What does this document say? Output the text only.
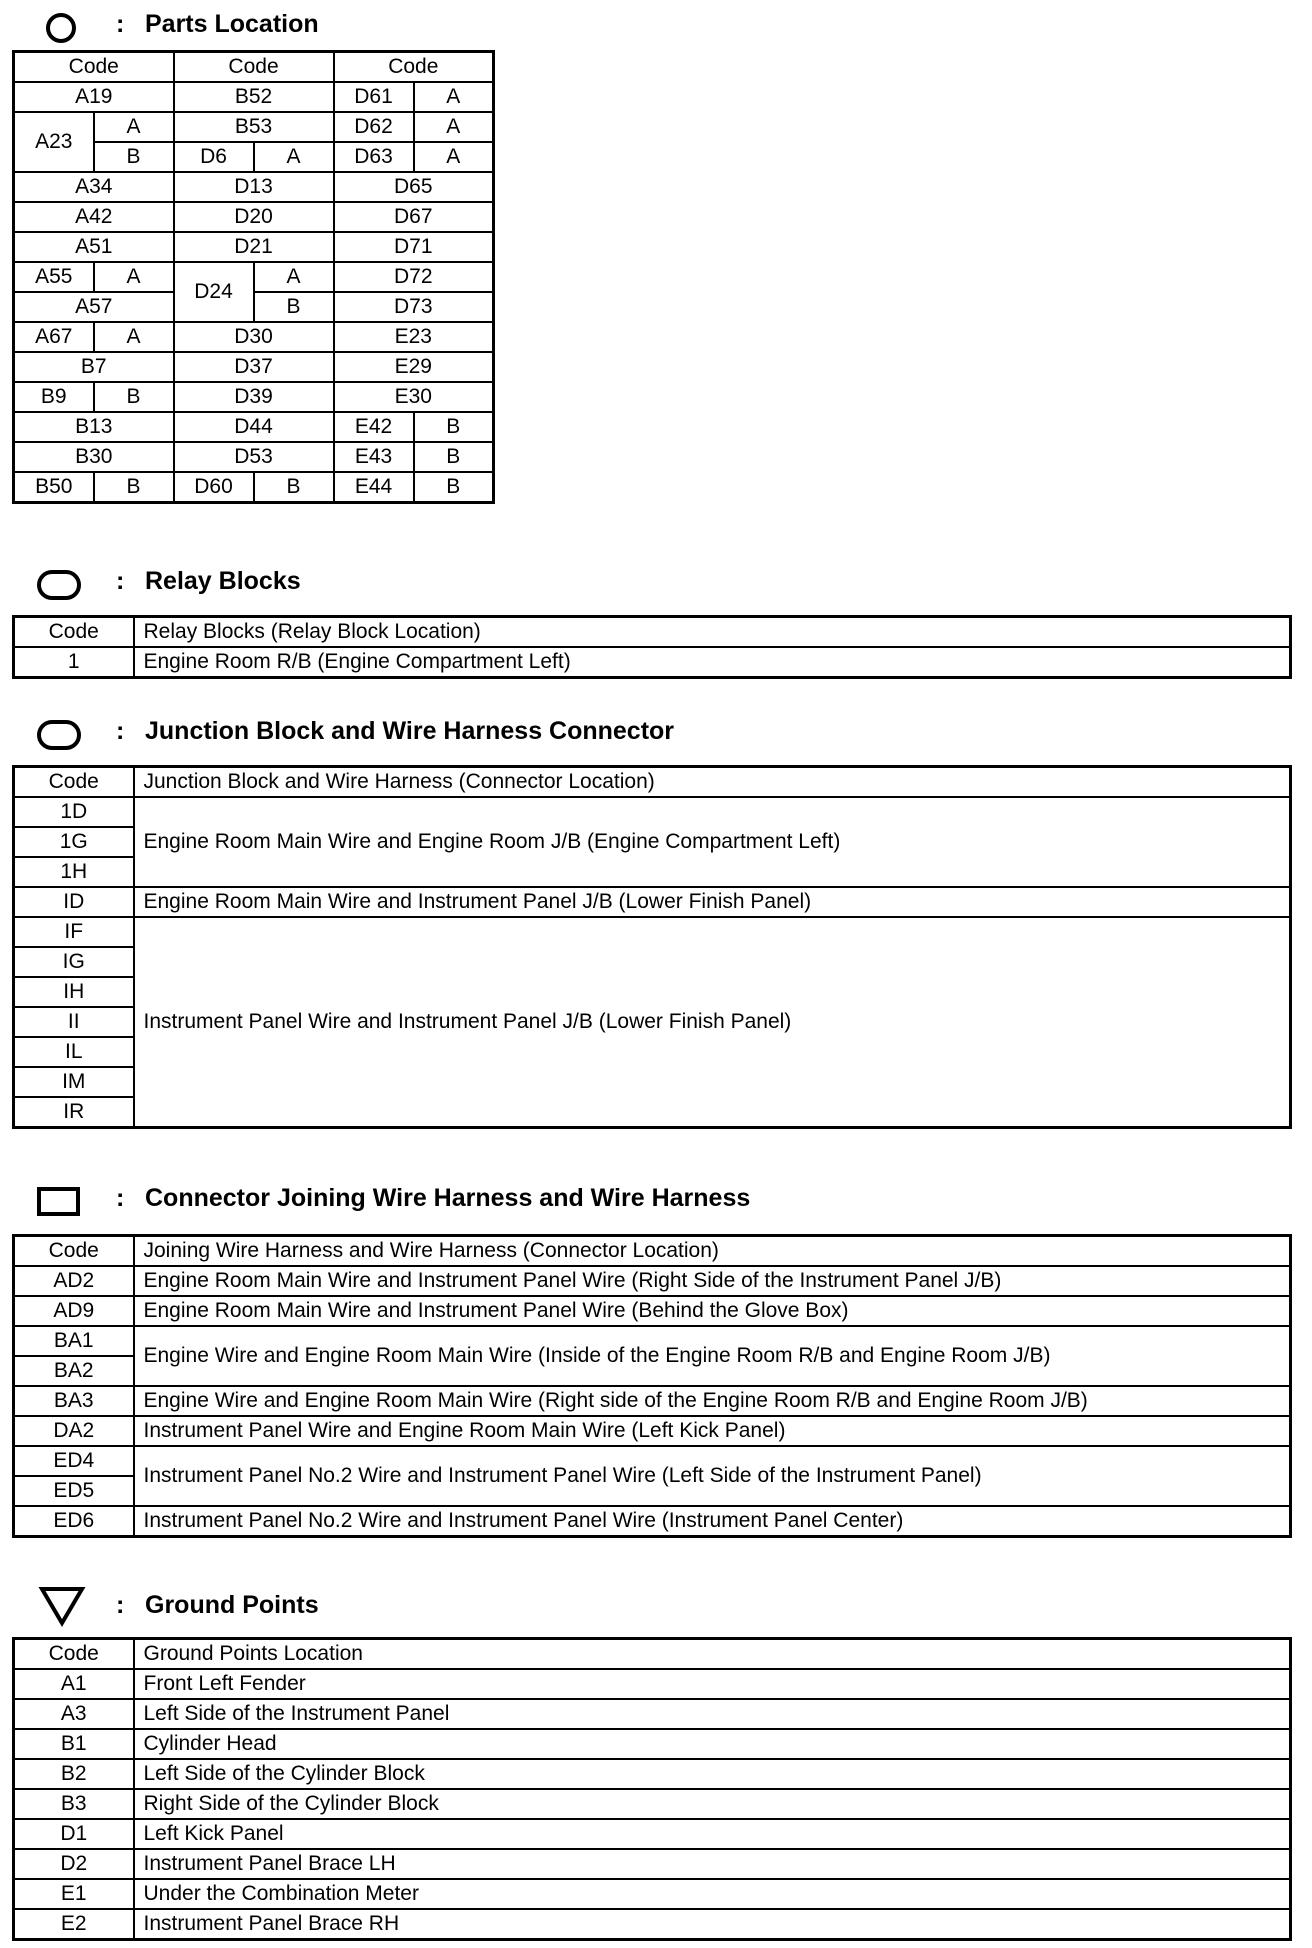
: Parts Location
Code		Code		Code	
A19		B52		D61	A
A23	A	B53		D62	A
	B	D6	A	D63	A
A34		D13		D65	
A42		D20		D67	
A51		D21		D71	
A55	A	D24	A	D72	
A57			B	D73	
A67	A	D30		E23	
B7		D37		E29	
B9	B	D39		E30	
B13		D44		E42	B
B30		D53		E43	B
B50	B	D60	B	E44	B
: Relay Blocks
Code	Relay Blocks (Relay Block Location)
1	Engine Room R/B (Engine Compartment Left)
: Junction Block and Wire Harness Connector
Code	Junction Block and Wire Harness (Connector Location)
1D	Engine Room Main Wire and Engine Room J/B (Engine Compartment Left)
1G	
1H	
ID	Engine Room Main Wire and Instrument Panel J/B (Lower Finish Panel)
IF	Instrument Panel Wire and Instrument Panel J/B (Lower Finish Panel)
IG	
IH	
II	
IL	
IM	
IR	
: Connector Joining Wire Harness and Wire Harness
Code	Joining Wire Harness and Wire Harness (Connector Location)
AD2	Engine Room Main Wire and Instrument Panel Wire (Right Side of the Instrument Panel J/B)
AD9	Engine Room Main Wire and Instrument Panel Wire (Behind the Glove Box)
BA1	Engine Wire and Engine Room Main Wire (Inside of the Engine Room R/B and Engine Room J/B)
BA2	
BA3	Engine Wire and Engine Room Main Wire (Right side of the Engine Room R/B and Engine Room J/B)
DA2	Instrument Panel Wire and Engine Room Main Wire (Left Kick Panel)
ED4	Instrument Panel No.2 Wire and Instrument Panel Wire (Left Side of the Instrument Panel)
ED5	
ED6	Instrument Panel No.2 Wire and Instrument Panel Wire (Instrument Panel Center)
: Ground Points
Code	Ground Points Location
A1	Front Left Fender
A3	Left Side of the Instrument Panel
B1	Cylinder Head
B2	Left Side of the Cylinder Block
B3	Right Side of the Cylinder Block
D1	Left Kick Panel
D2	Instrument Panel Brace LH
E1	Under the Combination Meter
E2	Instrument Panel Brace RH
